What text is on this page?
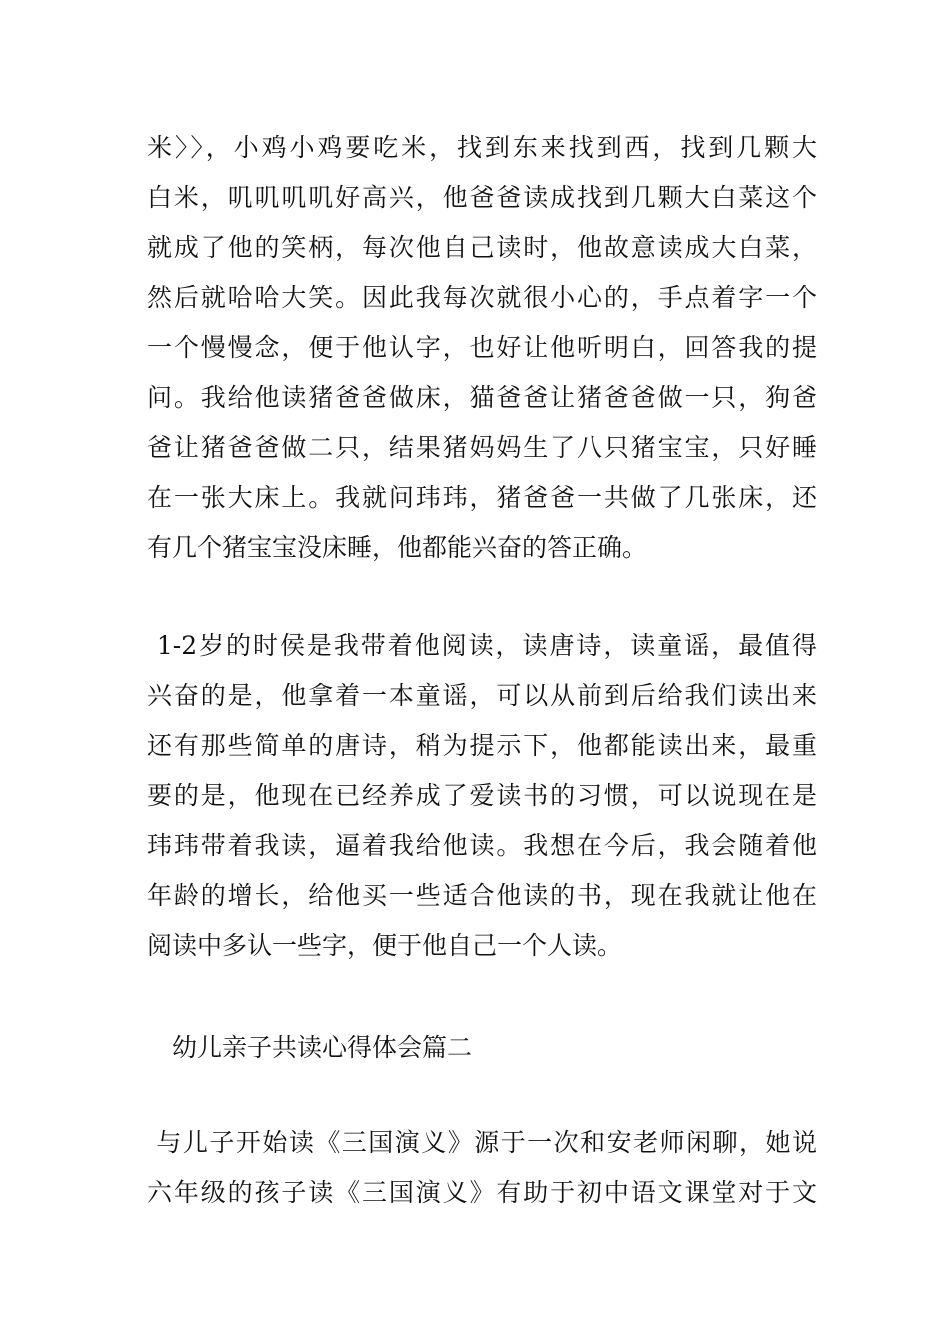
米〉〉，小鸡小鸡要吃米，找到东来找到西，找到几颗大
白米，叽叽叽叽好高兴，他爸爸读成找到几颗大白菜这个
就成了他的笑柄，每次他自己读时，他故意读成大白菜，
然后就哈哈大笑。因此我每次就很小心的，手点着字一个
一个慢慢念，便于他认字，也好让他听明白，回答我的提
问。我给他读猪爸爸做床，猫爸爸让猪爸爸做一只，狗爸
爸让猪爸爸做二只，结果猪妈妈生了八只猪宝宝，只好睡
在一张大床上。我就问玮玮，猪爸爸一共做了几张床，还
有几个猪宝宝没床睡，他都能兴奋的答正确。
1-2岁的时侯是我带着他阅读，读唐诗，读童谣，最值得
兴奋的是，他拿着一本童谣，可以从前到后给我们读出来
还有那些简单的唐诗，稍为提示下，他都能读出来，最重
要的是，他现在已经养成了爱读书的习惯，可以说现在是
玮玮带着我读，逼着我给他读。我想在今后，我会随着他
年龄的增长，给他买一些适合他读的书，现在我就让他在
阅读中多认一些字，便于他自己一个人读。
幼儿亲子共读心得体会篇二
与儿子开始读《三国演义》源于一次和安老师闲聊，她说
六年级的孩子读《三国演义》有助于初中语文课堂对于文
